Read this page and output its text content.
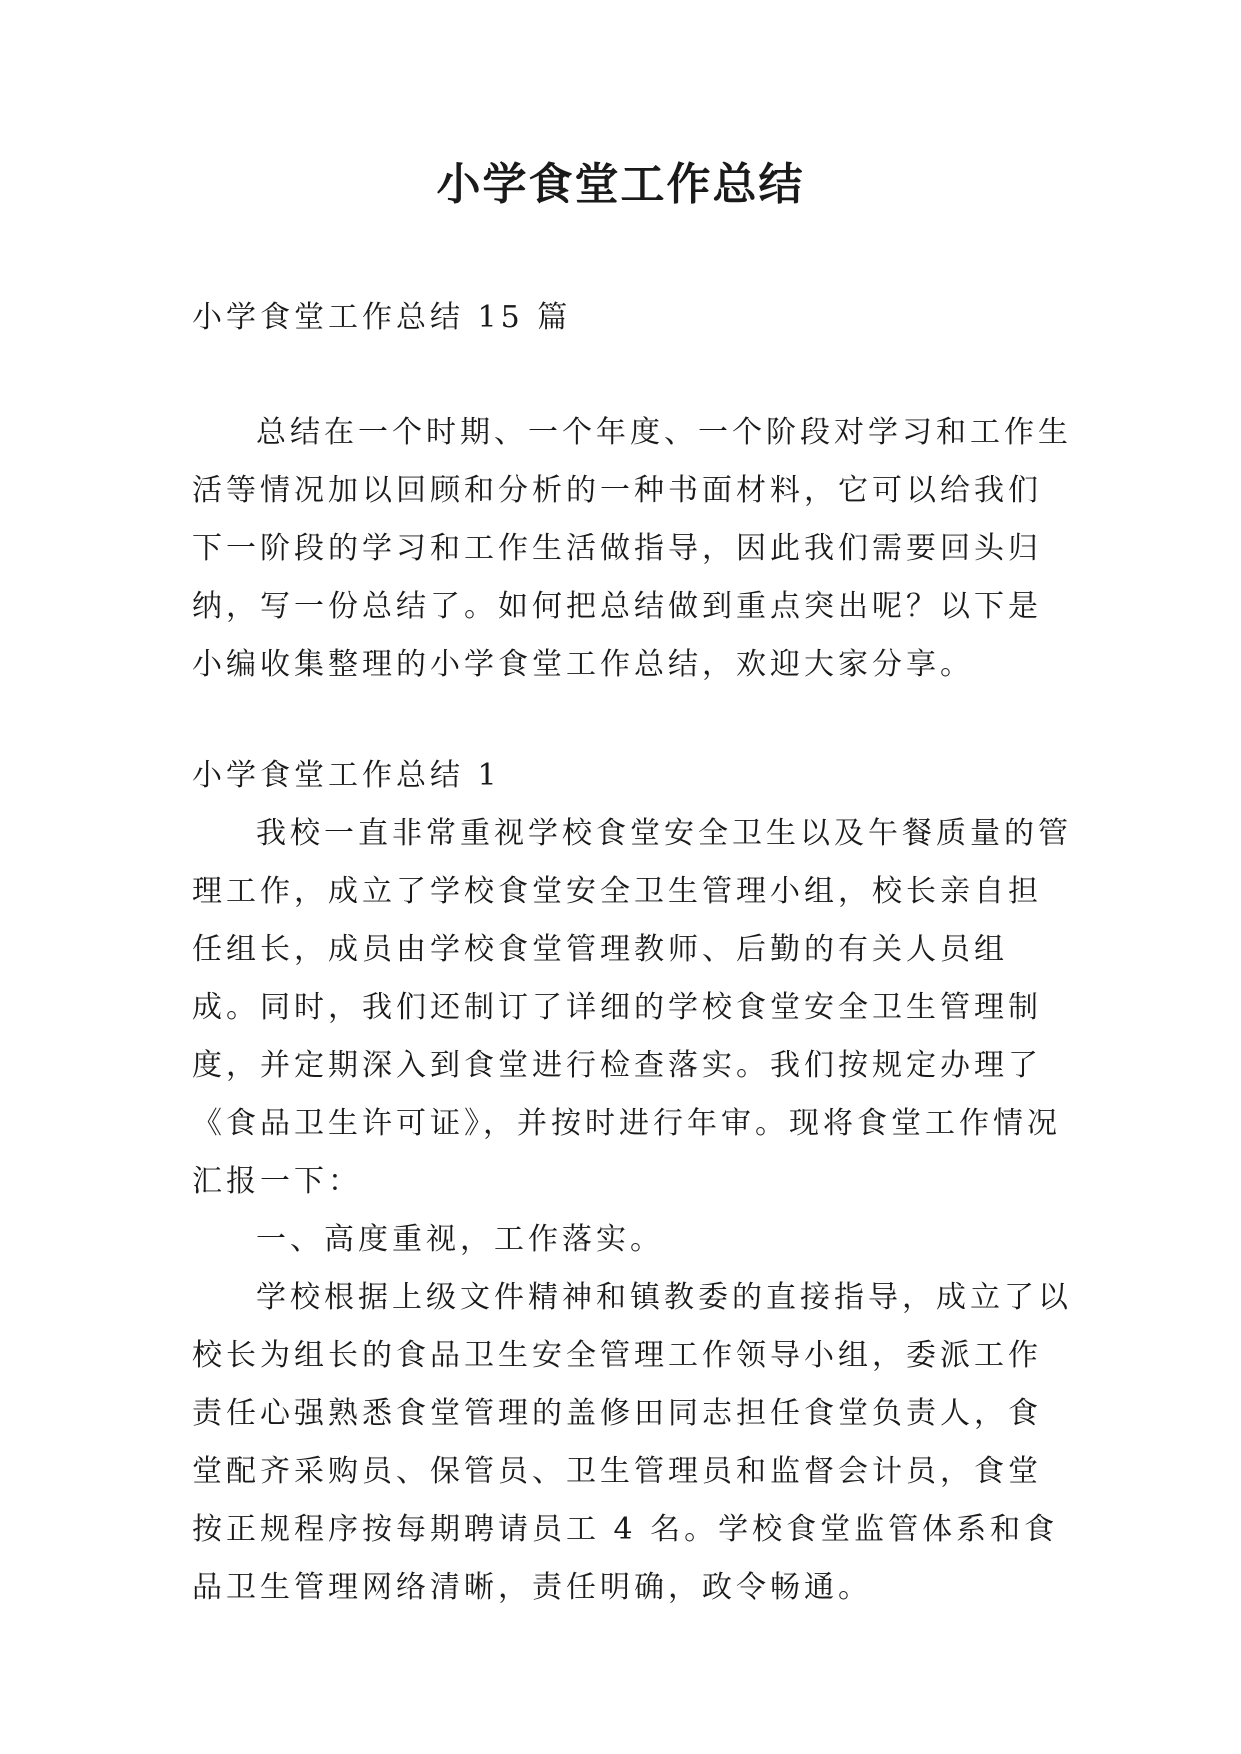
小学食堂工作总结
小学食堂工作总结 15 篇

总结在一个时期、一个年度、一个阶段对学习和工作生活等情况加以回顾和分析的一种书面材料，它可以给我们下一阶段的学习和工作生活做指导，因此我们需要回头归纳，写一份总结了。如何把总结做到重点突出呢？以下是小编收集整理的小学食堂工作总结，欢迎大家分享。

小学食堂工作总结 1

我校一直非常重视学校食堂安全卫生以及午餐质量的管理工作，成立了学校食堂安全卫生管理小组，校长亲自担任组长，成员由学校食堂管理教师、后勤的有关人员组成。同时，我们还制订了详细的学校食堂安全卫生管理制度，并定期深入到食堂进行检查落实。我们按规定办理了《食品卫生许可证》，并按时进行年审。现将食堂工作情况汇报一下：

一、高度重视，工作落实。

学校根据上级文件精神和镇教委的直接指导，成立了以校长为组长的食品卫生安全管理工作领导小组，委派工作责任心强熟悉食堂管理的盖修田同志担任食堂负责人，食堂配齐采购员、保管员、卫生管理员和监督会计员，食堂按正规程序按每期聘请员工 4 名。学校食堂监管体系和食品卫生管理网络清晰，责任明确，政令畅通。
